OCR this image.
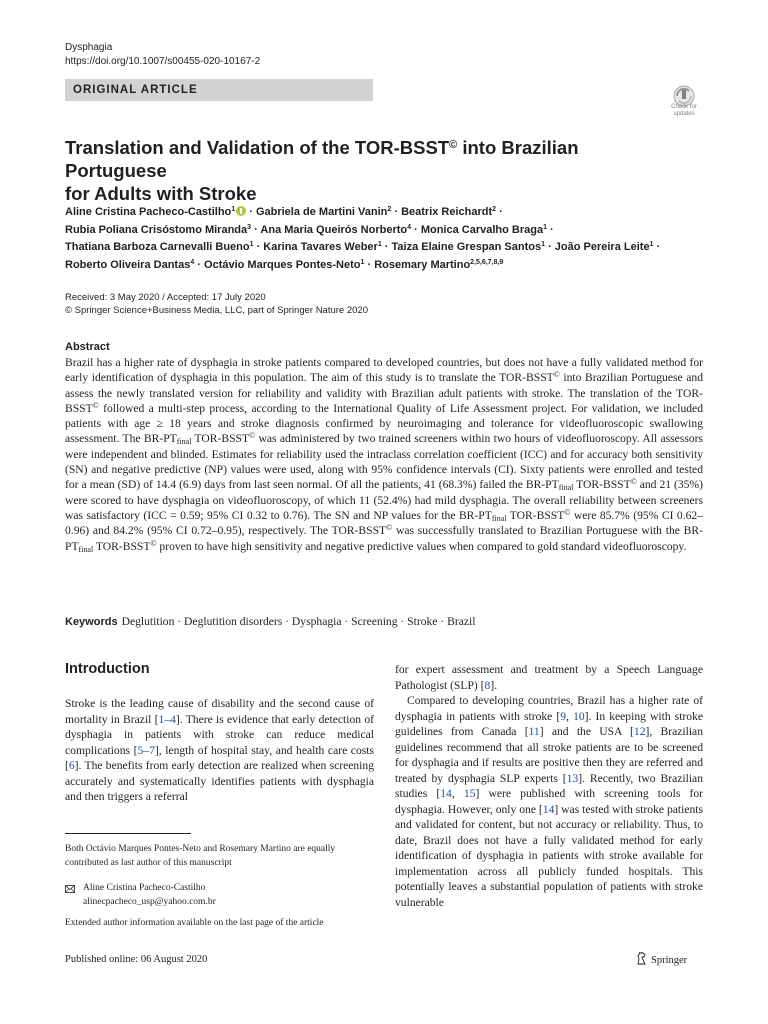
Dysphagia
https://doi.org/10.1007/s00455-020-10167-2
ORIGINAL ARTICLE
Check for
updates
Translation and Validation of the TOR-BSST© into Brazilian Portuguese
for Adults with Stroke
Aline Cristina Pacheco-Castilho$^1$ · Gabriela de Martini Vanin$^2$ · Beatrix Reichardt$^2$ ·
Rubia Poliana Crisóstomo Miranda$^3$ · Ana Maria Queirós Norberto$^4$ · Monica Carvalho Braga$^1$ ·
Thatiana Barboza Carnevalli Bueno$^1$ · Karina Tavares Weber$^1$ · Taiza Elaine Grespan Santos$^1$ · João Pereira Leite$^1$ ·
Roberto Oliveira Dantas$^4$ · Octávio Marques Pontes-Neto$^1$ · Rosemary Martino$^{2,5,6,7,8,9}$
Received: 3 May 2020 / Accepted: 17 July 2020
© Springer Science+Business Media, LLC, part of Springer Nature 2020
Abstract
Brazil has a higher rate of dysphagia in stroke patients compared to developed countries, but does not have a fully validated method for early identification of dysphagia in this population. The aim of this study is to translate the TOR-BSST© into Brazilian Portuguese and assess the newly translated version for reliability and validity with Brazilian adult patients with stroke. The translation of the TOR-BSST© followed a multi-step process, according to the International Quality of Life Assessment project. For validation, we included patients with age ≥ 18 years and stroke diagnosis confirmed by neuroimaging and tolerance for videofluoroscopic swallowing assessment. The $BR-PT_{final}$ TOR-BSST© was administered by two trained screeners within two hours of videofluoroscopy. All assessors were independent and blinded. Estimates for reliability used the intraclass correlation coefficient (ICC) and for accuracy both sensitivity (SN) and negative predictive (NP) values were used, along with 95% confidence intervals (CI). Sixty patients were enrolled and tested for a mean (SD) of 14.4 (6.9) days from last seen normal. Of all the patients, 41 (68.3%) failed the $BR-PT_{final}$ TOR-BSST© and 21 (35%) were scored to have dysphagia on videofluoroscopy, of which 11 (52.4%) had mild dysphagia. The overall reliability between screeners was satisfactory (ICC = 0.59; 95% CI 0.32 to 0.76). The SN and NP values for the $BR-PT_{final}$ TOR-BSST© were 85.7% (95% CI 0.62–0.96) and 84.2% (95% CI 0.72–0.95), respectively. The TOR-BSST© was successfully translated to Brazilian Portuguese with the $BR-PT_{final}$ TOR-BSST© proven to have high sensitivity and negative predictive values when compared to gold standard videofluoroscopy.
Keywords Deglutition · Deglutition disorders · Dysphagia · Screening · Stroke · Brazil
Introduction

Stroke is the leading cause of disability and the second cause of mortality in Brazil [1–4]. There is evidence that early detection of dysphagia in patients with stroke can reduce medical complications [5–7], length of hospital stay, and health care costs [6]. The benefits from early detection are realized when screening accurately and systematically identifies patients with dysphagia and then triggers a referral

for expert assessment and treatment by a Speech Language Pathologist (SLP) [8].

Compared to developing countries, Brazil has a higher rate of dysphagia in patients with stroke [9, 10]. In keeping with stroke guidelines from Canada [11] and the USA [12], Brazilian guidelines recommend that all stroke patients are to be screened for dysphagia and if results are positive then they are referred and treated by dysphagia SLP experts [13]. Recently, two Brazilian studies [14, 15] were published with screening tools for dysphagia. However, only one [14] was tested with stroke patients and validated for content, but not accuracy or reliability. Thus, to date, Brazil does not have a fully validated method for early identification of dysphagia in patients with stroke available for implementation across all publicly funded hospitals. This potentially leaves a substantial population of patients with stroke vulnerable

Both Octávio Marques Pontes-Neto and Rosemary Martino are equally contributed as last author of this manuscript
Aline Cristina Pacheco-Castilho
alinecpacheco_usp@yahoo.com.br
Extended author information available on the last page of the article
Published online: 06 August 2020	Springer
